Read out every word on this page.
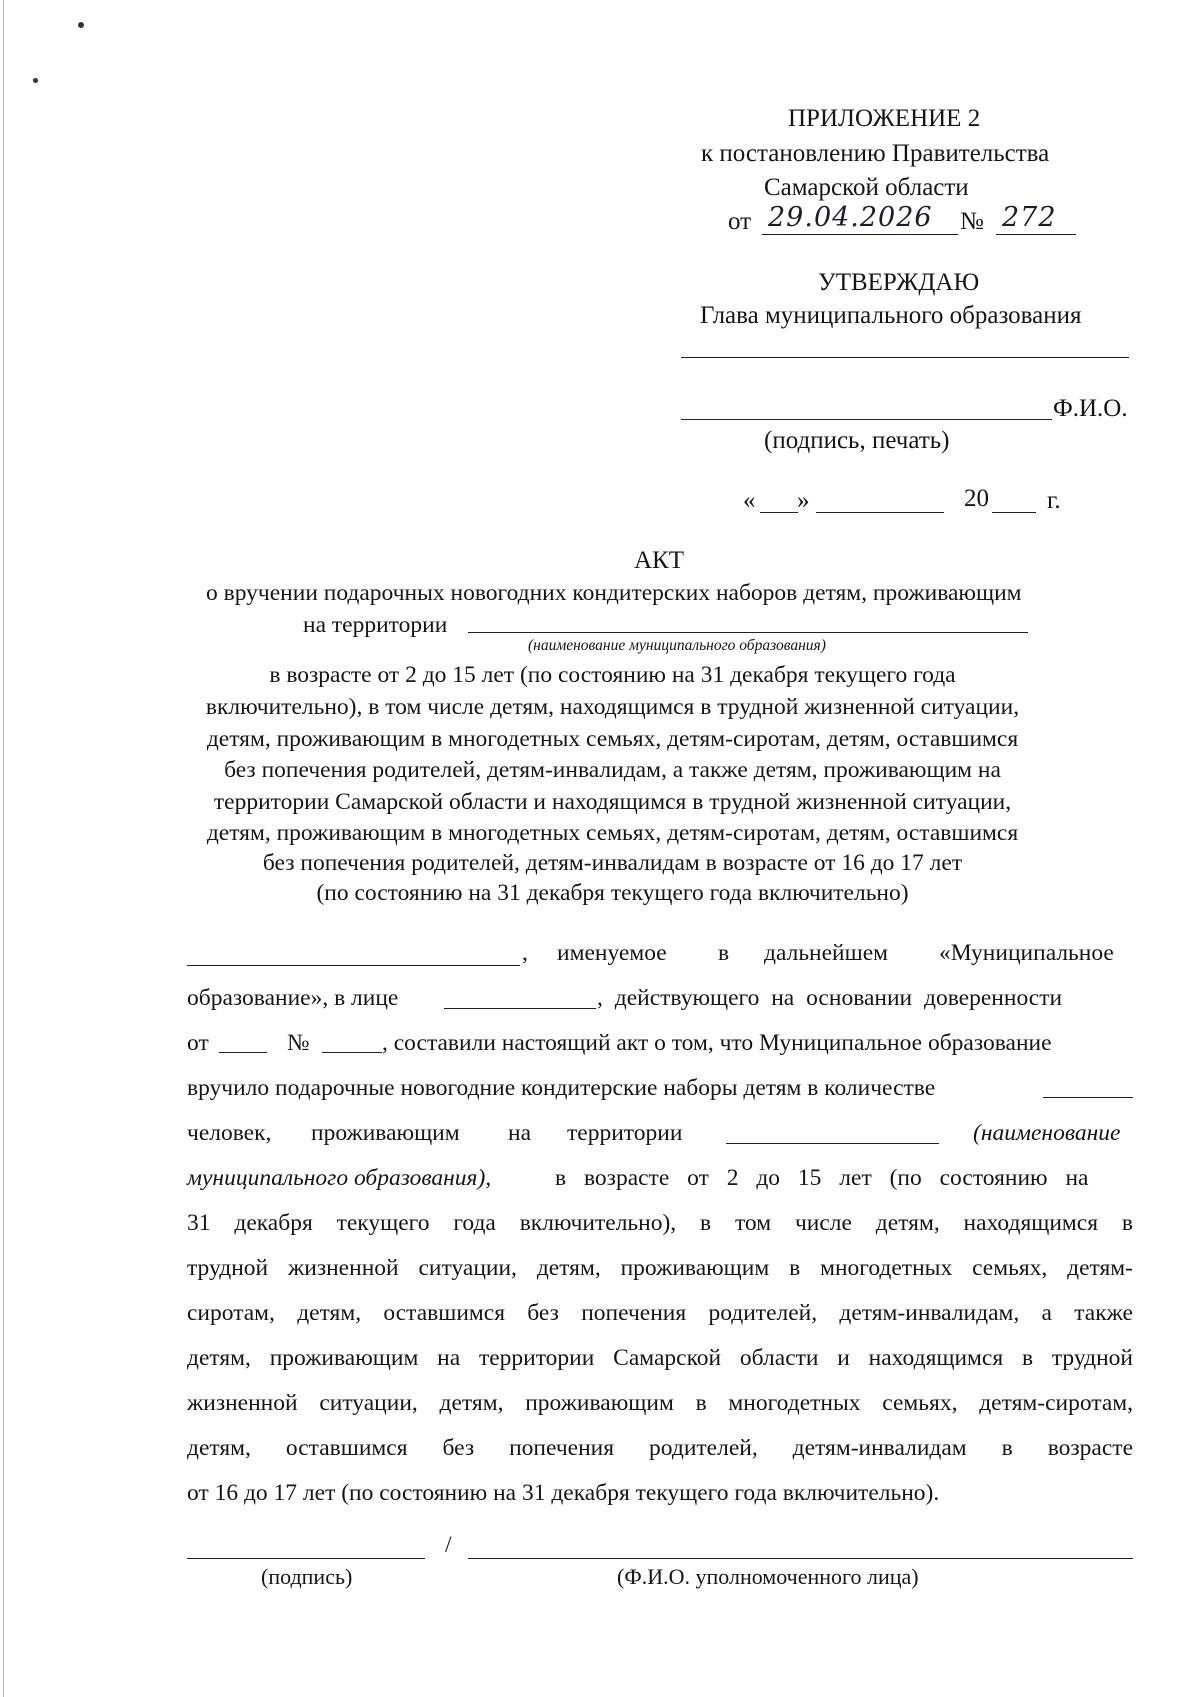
ПРИЛОЖЕНИЕ 2
к постановлению Правительства
Самарской области
от 29.04.2026 № 272
УТВЕРЖДАЮ
Глава муниципального образования
Ф.И.О.
(подпись, печать)
« »	20 г.
АКТ
о вручении подарочных новогодних кондитерских наборов детям, проживающим
на территории
(наименование муниципального образования)
в возрасте от 2 до 15 лет (по состоянию на 31 декабря текущего года
включительно), в том числе детям, находящимся в трудной жизненной ситуации,
детям, проживающим в многодетных семьях, детям-сиротам, детям, оставшимся
без попечения родителей, детям-инвалидам, а также детям, проживающим на
территории Самарской области и находящимся в трудной жизненной ситуации,
детям, проживающим в многодетных семьях, детям-сиротам, детям, оставшимся
без попечения родителей, детям-инвалидам в возрасте от 16 до 17 лет
(по состоянию на 31 декабря текущего года включительно)
, именуемое в дальнейшем «Муниципальное
образование», в лице	, действующего на основании доверенности
от	№	, составили настоящий акт о том, что Муниципальное образование
вручило подарочные новогодние кондитерские наборы детям в количестве
человек, проживающим на территории	(наименование
муниципального образования),	в возрасте от 2 до 15 лет (по состоянию на
31 декабря текущего года включительно), в том числе детям, находящимся в
трудной жизненной ситуации, детям, проживающим в многодетных семьях, детям-
сиротам, детям, оставшимся без попечения родителей, детям-инвалидам, а также
детям, проживающим на территории Самарской области и находящимся в трудной
жизненной ситуации, детям, проживающим в многодетных семьях, детям-сиротам,
детям, оставшимся без попечения родителей, детям-инвалидам в возрасте
от 16 до 17 лет (по состоянию на 31 декабря текущего года включительно).
/
(подпись)	(Ф.И.О. уполномоченного лица)
